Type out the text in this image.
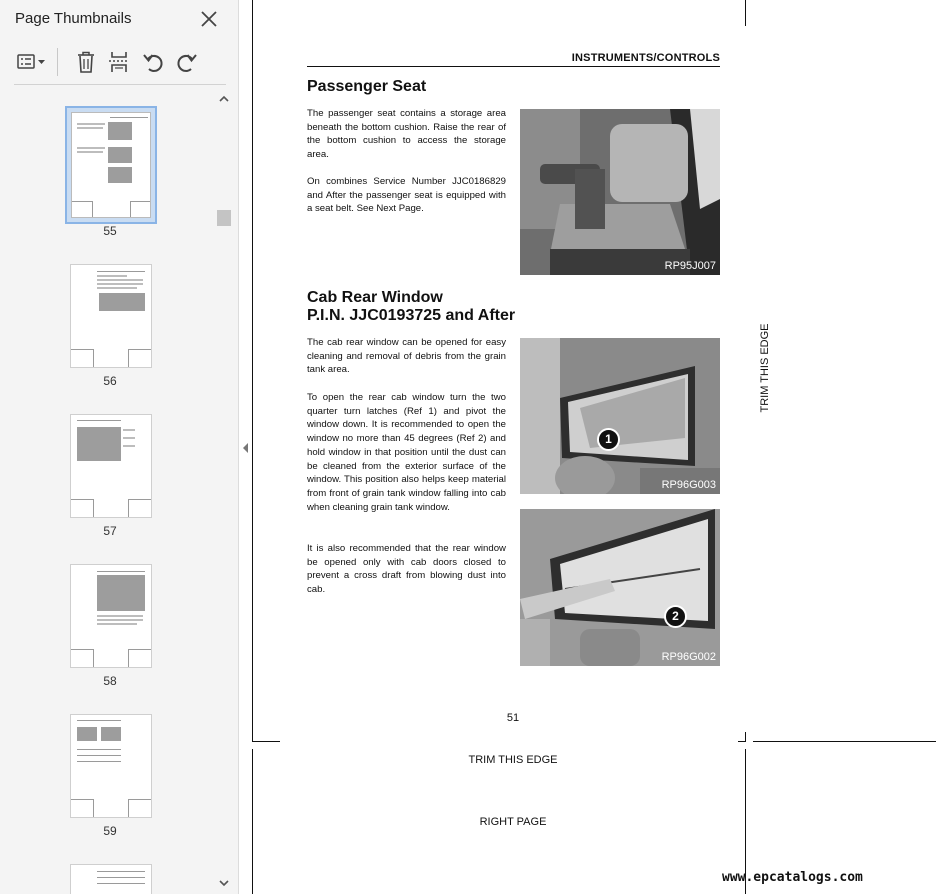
Page Thumbnails
55
56
57
58
59
INSTRUMENTS/CONTROLS
Passenger Seat
The passenger seat contains a storage area beneath the bottom cushion. Raise the rear of the bottom cushion to access the storage area.
On combines Service Number JJC0186829 and After the passenger seat is equipped with a seat belt. See Next Page.
RP95J007
Cab Rear Window
P.I.N. JJC0193725 and After
The cab rear window can be opened for easy cleaning and removal of debris from the grain tank area.
To open the rear cab window turn the two quarter turn latches (Ref 1) and pivot the window down. It is recommended to open the window no more than 45 degrees (Ref 2) and hold window in that position until the dust can be cleaned from the exterior surface of the window. This position also helps keep material from front of grain tank window falling into cab when cleaning grain tank window.
It is also recommended that the rear window be opened only with cab doors closed to prevent a cross draft from blowing dust into cab.
1
RP96G003
2
RP96G002
51
TRIM THIS EDGE
TRIM THIS EDGE
RIGHT PAGE
www.epcatalogs.com
